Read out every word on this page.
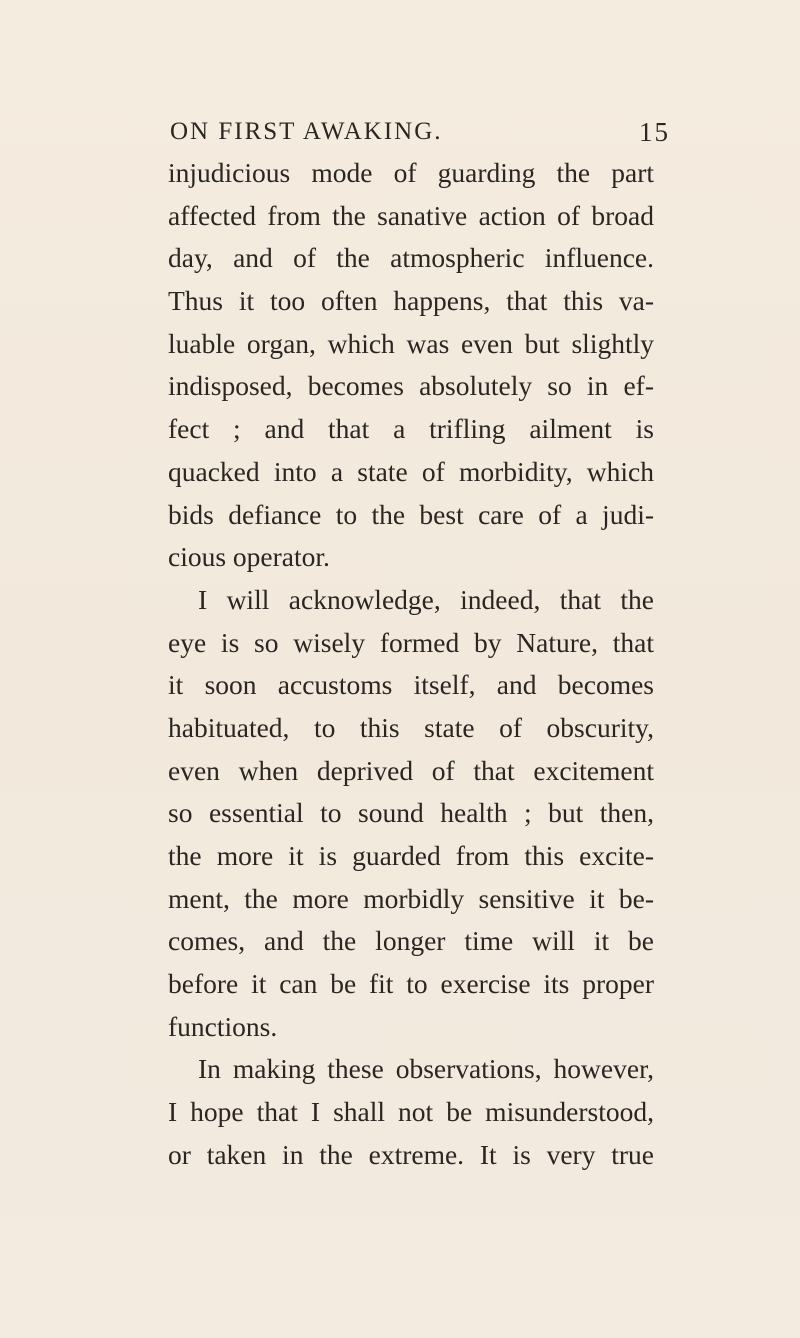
ON FIRST AWAKING.	15
injudicious mode of guarding the part
affected from the sanative action of broad
day, and of the atmospheric influence.
Thus it too often happens, that this va-
luable organ, which was even but slightly
indisposed, becomes absolutely so in ef-
fect ; and that a trifling ailment is
quacked into a state of morbidity, which
bids defiance to the best care of a judi-
cious operator.
I will acknowledge, indeed, that the
eye is so wisely formed by Nature, that
it soon accustoms itself, and becomes
habituated, to this state of obscurity,
even when deprived of that excitement
so essential to sound health ; but then,
the more it is guarded from this excite-
ment, the more morbidly sensitive it be-
comes, and the longer time will it be
before it can be fit to exercise its proper
functions.
In making these observations, however,
I hope that I shall not be misunderstood,
or taken in the extreme. It is very true
